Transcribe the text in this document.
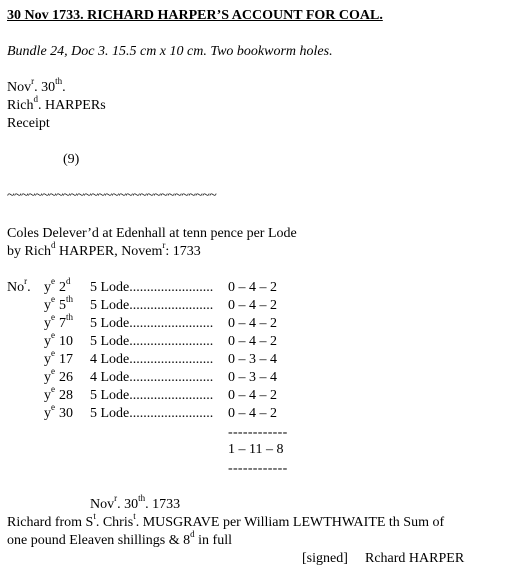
30 Nov 1733. RICHARD HARPER’S ACCOUNT FOR COAL.
Bundle 24, Doc 3. 15.5 cm x 10 cm. Two bookworm holes.
Nov$^r$. 30th.
Rich$^d$. HARPERs
Receipt
(9)
~~~~~~~~~~~~~~~~~~~~~~~~~~~~~~
Coles Delever’d at Edenhall at tenn pence per Lode
by Rich$^d$ HARPER, Novem$^r$: 1733
No$^r$. $y^e$ 2$^d$ 5 Lode........................	0 – 4 – 2
$y^e$ 5th 5 Lode........................	0 – 4 – 2
$y^e$ 7th 5 Lode........................	0 – 4 – 2
$y^e$ 10 5 Lode........................	0 – 4 – 2
$y^e$ 17 4 Lode........................	0 – 3 – 4
$y^e$ 26 4 Lode........................	0 – 3 – 4
$y^e$ 28 5 Lode........................	0 – 4 – 2
$y^e$ 30 5 Lode........................	0 – 4 – 2
------------
1 – 11 – 8
------------
Nov$^r$. 30th. 1733
Richard from $S^t$. Chris$^t$. MUSGRAVE per William LEWTHWAITE th Sum of
one pound Eleaven shillings & 8$^d$ in full
[signed] Rchard HARPER
